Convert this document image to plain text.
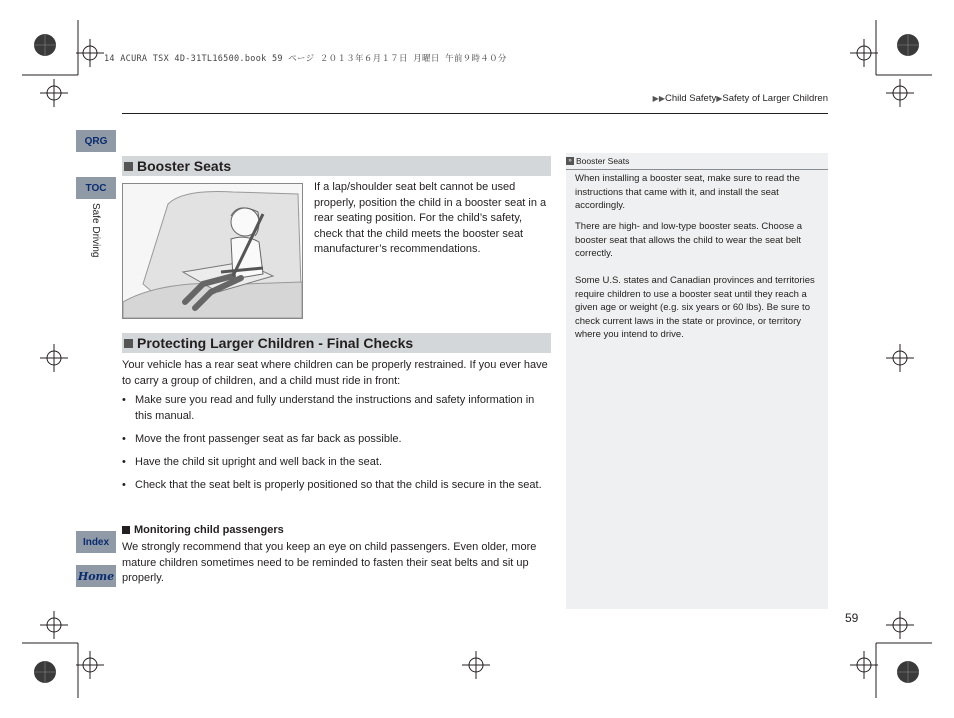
14 ACURA TSX 4D-31TL16500.book 59 ページ ２０１３年６月１７日 月曜日 午前９時４０分
▶▶Child Safety▶Safety of Larger Children
QRG
TOC
Safe Driving
Index
Home
Booster Seats
If a lap/shoulder seat belt cannot be used properly, position the child in a booster seat in a rear seating position. For the child’s safety, check that the child meets the booster seat manufacturer’s recommendations.
Protecting Larger Children - Final Checks
Your vehicle has a rear seat where children can be properly restrained. If you ever have to carry a group of children, and a child must ride in front:
• Make sure you read and fully understand the instructions and safety information in this manual.
• Move the front passenger seat as far back as possible.
• Have the child sit upright and well back in the seat.
• Check that the seat belt is properly positioned so that the child is secure in the seat.
Monitoring child passengers
We strongly recommend that you keep an eye on child passengers. Even older, more mature children sometimes need to be reminded to fasten their seat belts and sit up properly.
» Booster Seats
When installing a booster seat, make sure to read the instructions that came with it, and install the seat accordingly.
There are high- and low-type booster seats. Choose a booster seat that allows the child to wear the seat belt correctly.
Some U.S. states and Canadian provinces and territories require children to use a booster seat until they reach a given age or weight (e.g. six years or 60 lbs). Be sure to check current laws in the state or province, or territory where you intend to drive.
59
